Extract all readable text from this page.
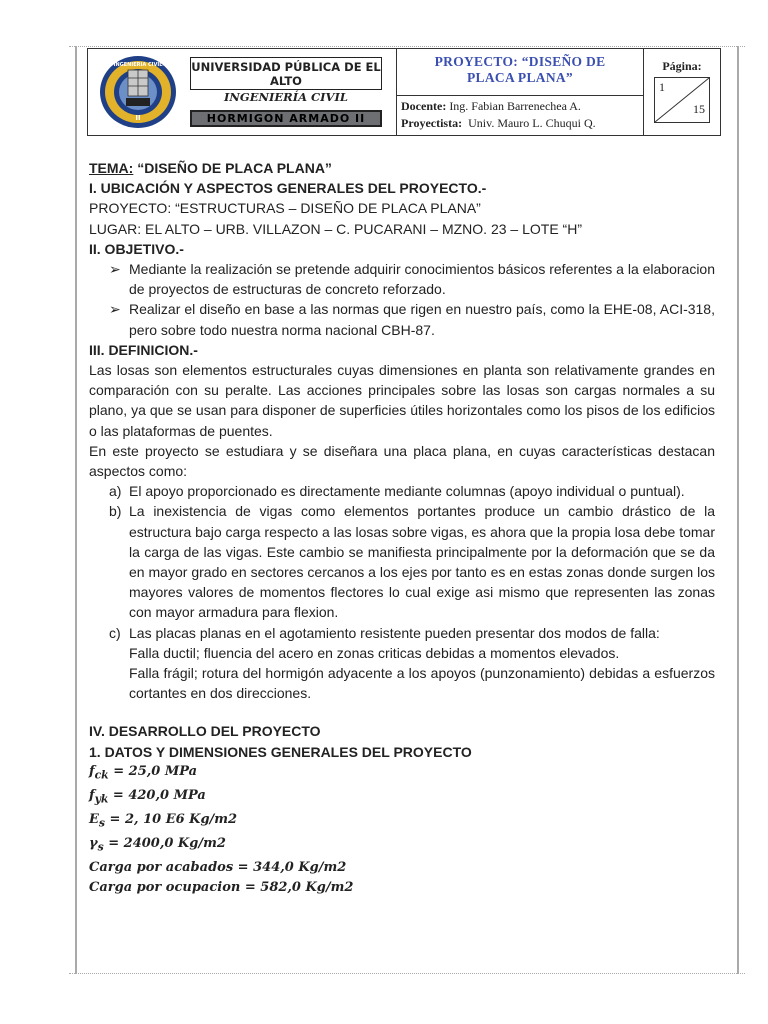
INGENIERIA CIVIL
II
UNIVERSIDAD PÚBLICA DE EL ALTO
INGENIERÍA CIVIL
HORMIGON ARMADO II
PROYECTO: “DISEÑO DE
PLACA PLANA”
Docente: Ing. Fabian Barrenechea A.
Proyectista: Univ. Mauro L. Chuqui Q.
Página:
1
15

TEMA: “DISEÑO DE PLACA PLANA”

I. UBICACIÓN Y ASPECTOS GENERALES DEL PROYECTO.-

PROYECTO: “ESTRUCTURAS – DISEÑO DE PLACA PLANA”

LUGAR: EL ALTO – URB. VILLAZON – C. PUCARANI – MZNO. 23 – LOTE “H”

II. OBJETIVO.-

➢ Mediante la realización se pretende adquirir conocimientos básicos referentes a la elaboracion de proyectos de estructuras de concreto reforzado.
➢ Realizar el diseño en base a las normas que rigen en nuestro país, como la EHE-08, ACI-318, pero sobre todo nuestra norma nacional CBH-87.

III. DEFINICION.-

Las losas son elementos estructurales cuyas dimensiones en planta son relativamente grandes en comparación con su peralte. Las acciones principales sobre las losas son cargas normales a su plano, ya que se usan para disponer de superficies útiles horizontales como los pisos de los edificios o las plataformas de puentes.

En este proyecto se estudiara y se diseñara una placa plana, en cuyas características destacan aspectos como:

a) El apoyo proporcionado es directamente mediante columnas (apoyo individual o puntual).
b) La inexistencia de vigas como elementos portantes produce un cambio drástico de la estructura bajo carga respecto a las losas sobre vigas, es ahora que la propia losa debe tomar la carga de las vigas. Este cambio se manifiesta principalmente por la deformación que se da en mayor grado en sectores cercanos a los ejes por tanto es en estas zonas donde surgen los mayores valores de momentos flectores lo cual exige asi mismo que representen las zonas con mayor armadura para flexion.
c) Las placas planas en el agotamiento resistente pueden presentar dos modos de falla:
Falla ductil; fluencia del acero en zonas criticas debidas a momentos elevados.
Falla frágil; rotura del hormigón adyacente a los apoyos (punzonamiento) debidas a esfuerzos cortantes en dos direcciones.

IV. DESARROLLO DEL PROYECTO

1. DATOS Y DIMENSIONES GENERALES DEL PROYECTO

$f_{ck} = 25,0$ MPa
$f_{yk} = 420,0$ MPa
$E_s = 2$, 10 E6 Kg/m2
$\gamma_s = 2400,0$ Kg/m2
Carga por acabados = 344,0 Kg/m2
Carga por ocupacion = 582,0 Kg/m2
